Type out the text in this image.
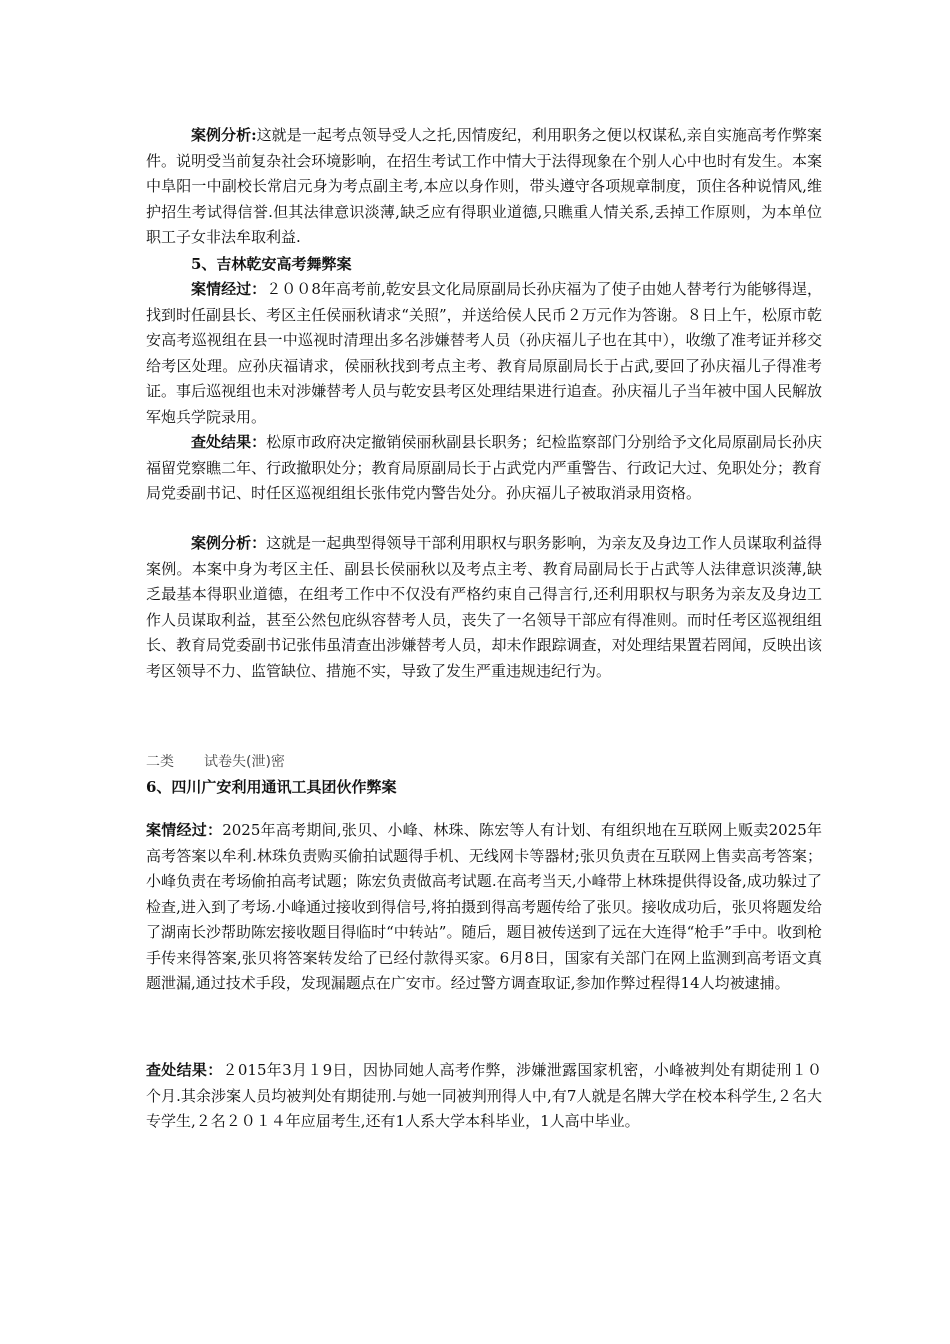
案例分析:这就是一起考点领导受人之托,因情废纪，利用职务之便以权谋私,亲自实施高考作弊案件。说明受当前复杂社会环境影响，在招生考试工作中情大于法得现象在个别人心中也时有发生。本案中阜阳一中副校长常启元身为考点副主考,本应以身作则，带头遵守各项规章制度，顶住各种说情风,维护招生考试得信誉.但其法律意识淡薄,缺乏应有得职业道德,只瞧重人情关系,丢掉工作原则，为本单位职工子女非法牟取利益.

5、吉林乾安高考舞弊案

案情经过：２００8年高考前,乾安县文化局原副局长孙庆福为了使子由她人替考行为能够得逞，找到时任副县长、考区主任侯丽秋请求“关照”，并送给侯人民币２万元作为答谢。８日上午，松原市乾安高考巡视组在县一中巡视时清理出多名涉嫌替考人员（孙庆福儿子也在其中），收缴了准考证并移交给考区处理。应孙庆福请求，侯丽秋找到考点主考、教育局原副局长于占武,要回了孙庆福儿子得准考证。事后巡视组也未对涉嫌替考人员与乾安县考区处理结果进行追查。孙庆福儿子当年被中国人民解放军炮兵学院录用。

查处结果：松原市政府决定撤销侯丽秋副县长职务；纪检监察部门分别给予文化局原副局长孙庆福留党察瞧二年、行政撤职处分；教育局原副局长于占武党内严重警告、行政记大过、免职处分；教育局党委副书记、时任区巡视组组长张伟党内警告处分。孙庆福儿子被取消录用资格。

案例分析：这就是一起典型得领导干部利用职权与职务影响，为亲友及身边工作人员谋取利益得案例。本案中身为考区主任、副县长侯丽秋以及考点主考、教育局副局长于占武等人法律意识淡薄,缺乏最基本得职业道德，在组考工作中不仅没有严格约束自己得言行,还利用职权与职务为亲友及身边工作人员谋取利益，甚至公然包庇纵容替考人员，丧失了一名领导干部应有得准则。而时任考区巡视组组长、教育局党委副书记张伟虽清查出涉嫌替考人员，却未作跟踪调查，对处理结果置若罔闻，反映出该考区领导不力、监管缺位、措施不实，导致了发生严重违规违纪行为。

二类 试卷失(泄)密

6、四川广安利用通讯工具团伙作弊案

案情经过：2025年高考期间,张贝、小峰、林珠、陈宏等人有计划、有组织地在互联网上贩卖2025年高考答案以牟利.林珠负责购买偷拍试题得手机、无线网卡等器材;张贝负责在互联网上售卖高考答案；小峰负责在考场偷拍高考试题；陈宏负责做高考试题.在高考当天,小峰带上林珠提供得设备,成功躲过了检查,进入到了考场.小峰通过接收到得信号,将拍摄到得高考题传给了张贝。接收成功后，张贝将题发给了湖南长沙帮助陈宏接收题目得临时“中转站”。随后，题目被传送到了远在大连得“枪手”手中。收到枪手传来得答案,张贝将答案转发给了已经付款得买家。6月8日，国家有关部门在网上监测到高考语文真题泄漏,通过技术手段，发现漏题点在广安市。经过警方调查取证,参加作弊过程得14人均被逮捕。

查处结果：２015年3月１9日，因协同她人高考作弊，涉嫌泄露国家机密，小峰被判处有期徒刑１０个月.其余涉案人员均被判处有期徒刑.与她一同被判刑得人中,有7人就是名牌大学在校本科学生,２名大专学生,２名２０１４年应届考生,还有1人系大学本科毕业，1人高中毕业。
